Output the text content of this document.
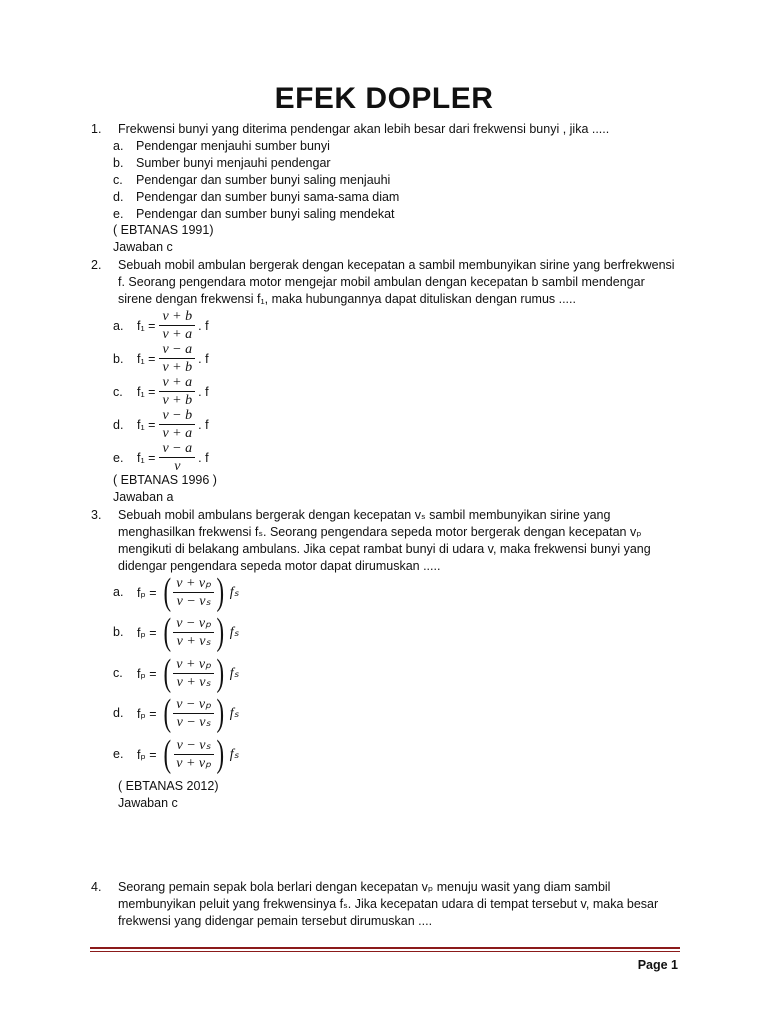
EFEK DOPLER
1. Frekwensi bunyi yang diterima pendengar akan lebih besar dari frekwensi bunyi , jika .....
a. Pendengar menjauhi sumber bunyi
b. Sumber bunyi menjauhi pendengar
c. Pendengar dan sumber bunyi saling menjauhi
d. Pendengar dan sumber bunyi sama-sama diam
e. Pendengar dan sumber bunyi saling mendekat
( EBTANAS 1991)
Jawaban c
2. Sebuah mobil ambulan bergerak dengan kecepatan a sambil membunyikan sirine yang berfrekwensi
f. Seorang pengendara motor mengejar mobil ambulan dengan kecepatan b sambil mendengar
sirene dengan frekwensi f₁, maka hubungannya dapat dituliskan dengan rumus .....
a.	$f_1 = \frac{v + b}{v + a}$ . f
b.	$f_1 = \frac{v - a}{v + b}$ . f
c.	$f_1 = \frac{v + a}{v + b}$ . f
d.	$f_1 = \frac{v - b}{v + a}$ . f
e.	$f_1 = \frac{v - a}{v}$ . f
( EBTANAS 1996 )
Jawaban a
3. Sebuah mobil ambulans bergerak dengan kecepatan vₛ sambil membunyikan sirine yang
menghasilkan frekwensi fₛ. Seorang pengendara sepeda motor bergerak dengan kecepatan vₚ
mengikuti di belakang ambulans. Jika cepat rambat bunyi di udara v, maka frekwensi bunyi yang
didengar pengendara sepeda motor dapat dirumuskan .....
a.	fₚ = ( $\frac{\text{v + vₚ}}{\text{v − vₛ}}$ ) fₛ
b.	fₚ = ( $\frac{\text{v − vₚ}}{\text{v + vₛ}}$ ) fₛ
c.	fₚ = ( $\frac{\text{v + vₚ}}{\text{v + vₛ}}$ ) fₛ
d.	fₚ = ( $\frac{\text{v − vₚ}}{\text{v − vₛ}}$ ) fₛ
e.	fₚ = ( $\frac{\text{v − vₛ}}{\text{v + vₚ}}$ ) fₛ
( EBTANAS 2012)
Jawaban c
4. Seorang pemain sepak bola berlari dengan kecepatan vₚ menuju wasit yang diam sambil
membunyikan peluit yang frekwensinya fₛ. Jika kecepatan udara di tempat tersebut v, maka besar
frekwensi yang didengar pemain tersebut dirumuskan ....
Page 1
